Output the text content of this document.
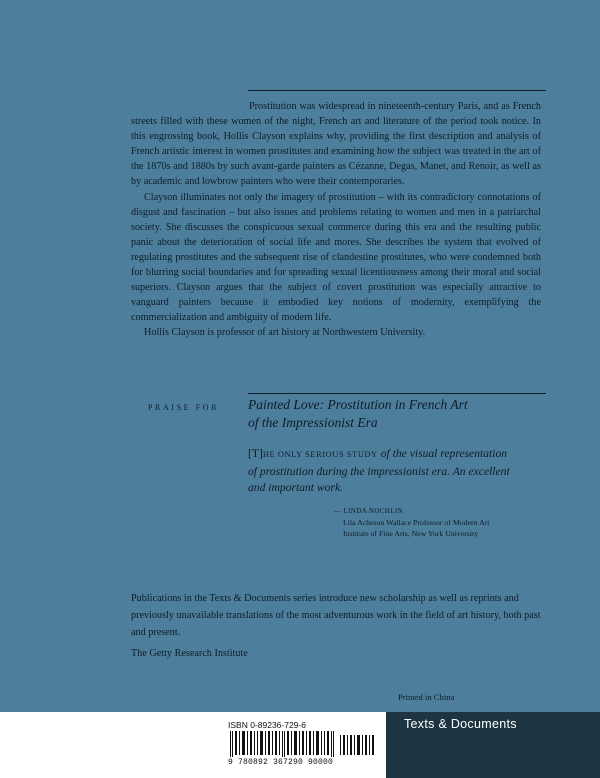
Prostitution was widespread in nineteenth-century Paris, and as French streets filled with these women of the night, French art and literature of the period took notice. In this engrossing book, Hollis Clayson explains why, providing the first description and analysis of French artistic interest in women prostitutes and examining how the subject was treated in the art of the 1870s and 1880s by such avant-garde painters as Cézanne, Degas, Manet, and Renoir, as well as by academic and lowbrow painters who were their contemporaries.

Clayson illuminates not only the imagery of prostitution – with its contradictory connotations of disgust and fascination – but also issues and problems relating to women and men in a patriarchal society. She discusses the conspicuous sexual commerce during this era and the resulting public panic about the deterioration of social life and mores. She describes the system that evolved of regulating prostitutes and the subsequent rise of clandestine prostitutes, who were condemned both for blurring social boundaries and for spreading sexual licentiousness among their moral and social superiors. Clayson argues that the subject of covert prostitution was especially attractive to vanguard painters because it embodied key notions of modernity, exemplifying the commercialization and ambiguity of modern life.

Hollis Clayson is professor of art history at Northwestern University.

PRAISE FOR Painted Love: Prostitution in French Art
of the Impressionist Era
[T]HE ONLY SERIOUS STUDY of the visual representation
of prostitution during the impressionist era. An excellent
and important work.
— LINDA NOCHLIN
Lila Acheson Wallace Professor of Modern Art
Institute of Fine Arts, New York University

Publications in the Texts & Documents series introduce new scholarship as well as reprints and previously unavailable translations of the most adventurous work in the field of art history, both past and present.

The Getty Research Institute
Printed in China
ISBN 0-89236-729-6
9 780892 367290 90000
Texts & Documents
